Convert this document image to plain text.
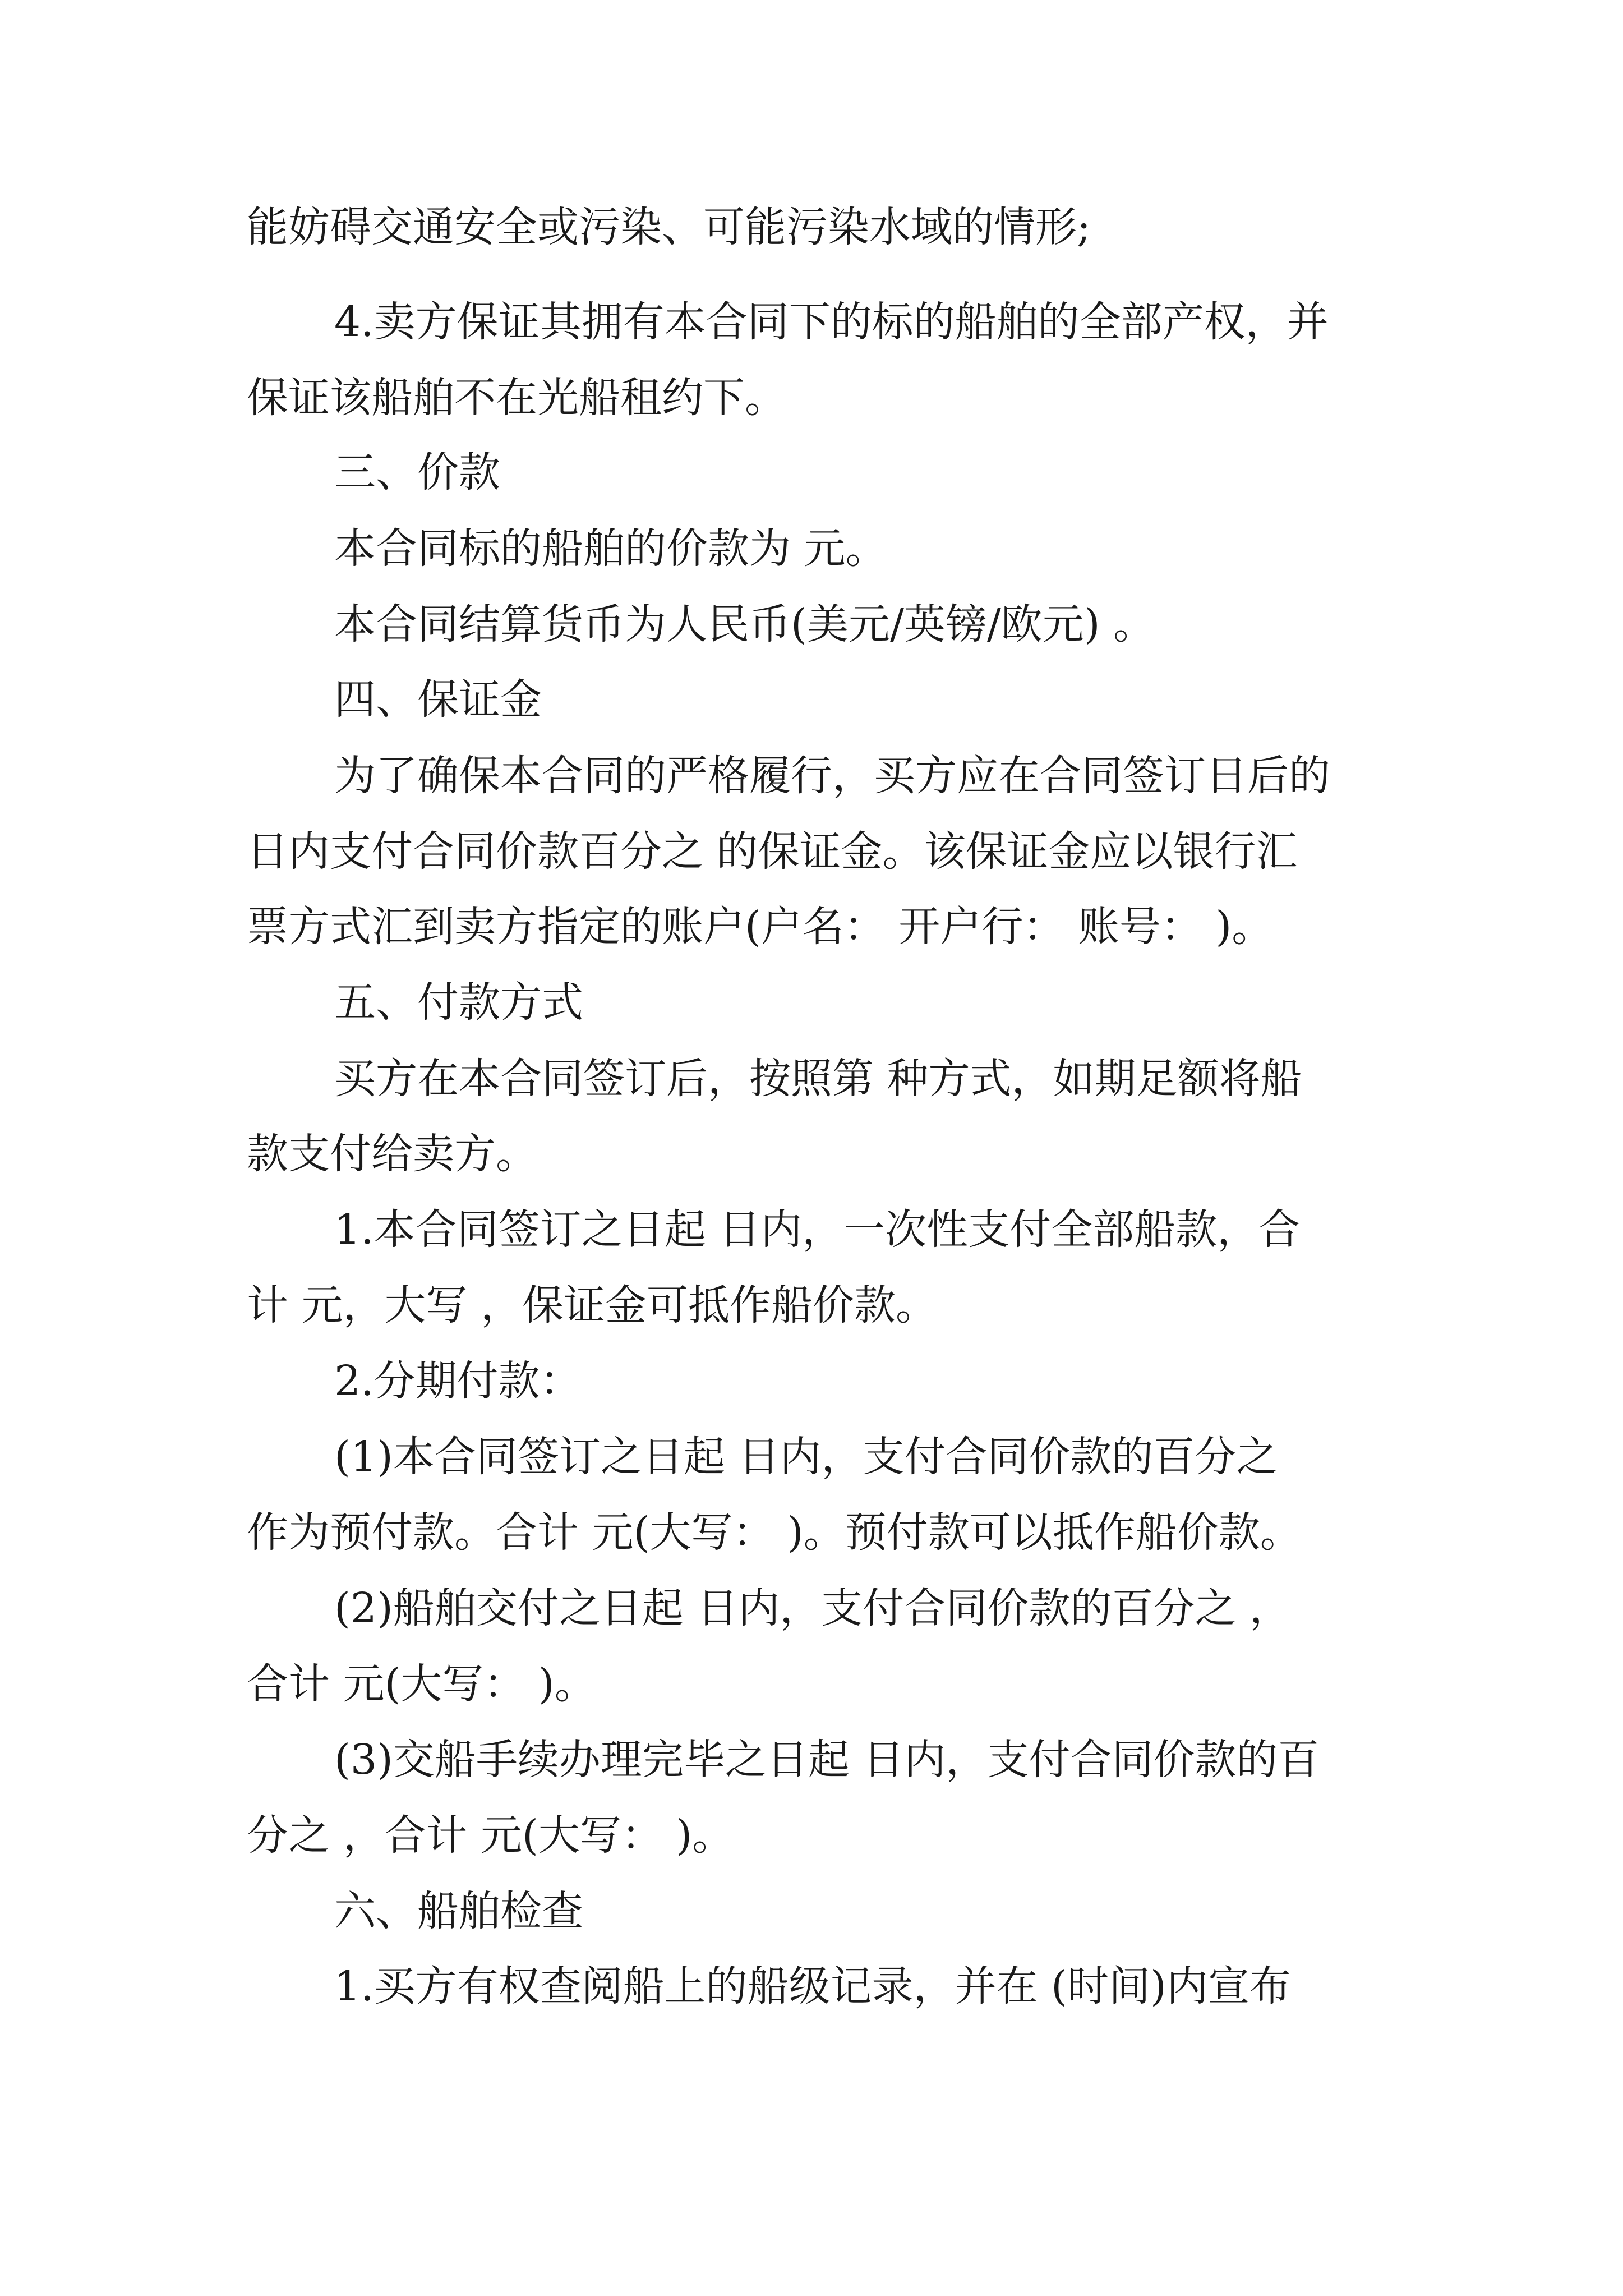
能妨碍交通安全或污染、可能污染水域的情形;
4.卖方保证其拥有本合同下的标的船舶的全部产权，并
保证该船舶不在光船租约下。
三、价款
本合同标的船舶的价款为 元。
本合同结算货币为人民币(美元/英镑/欧元) 。
四、保证金
为了确保本合同的严格履行，买方应在合同签订日后的
日内支付合同价款百分之 的保证金。该保证金应以银行汇
票方式汇到卖方指定的账户(户名： 开户行： 账号： )。
五、付款方式
买方在本合同签订后，按照第 种方式，如期足额将船
款支付给卖方。
1.本合同签订之日起 日内，一次性支付全部船款，合
计 元，大写 ，保证金可抵作船价款。
2.分期付款：
(1)本合同签订之日起 日内，支付合同价款的百分之
作为预付款。合计 元(大写： )。预付款可以抵作船价款。
(2)船舶交付之日起 日内，支付合同价款的百分之 ，
合计 元(大写： )。
(3)交船手续办理完毕之日起 日内，支付合同价款的百
分之 ，合计 元(大写： )。
六、船舶检查
1.买方有权查阅船上的船级记录，并在 (时间)内宣布
